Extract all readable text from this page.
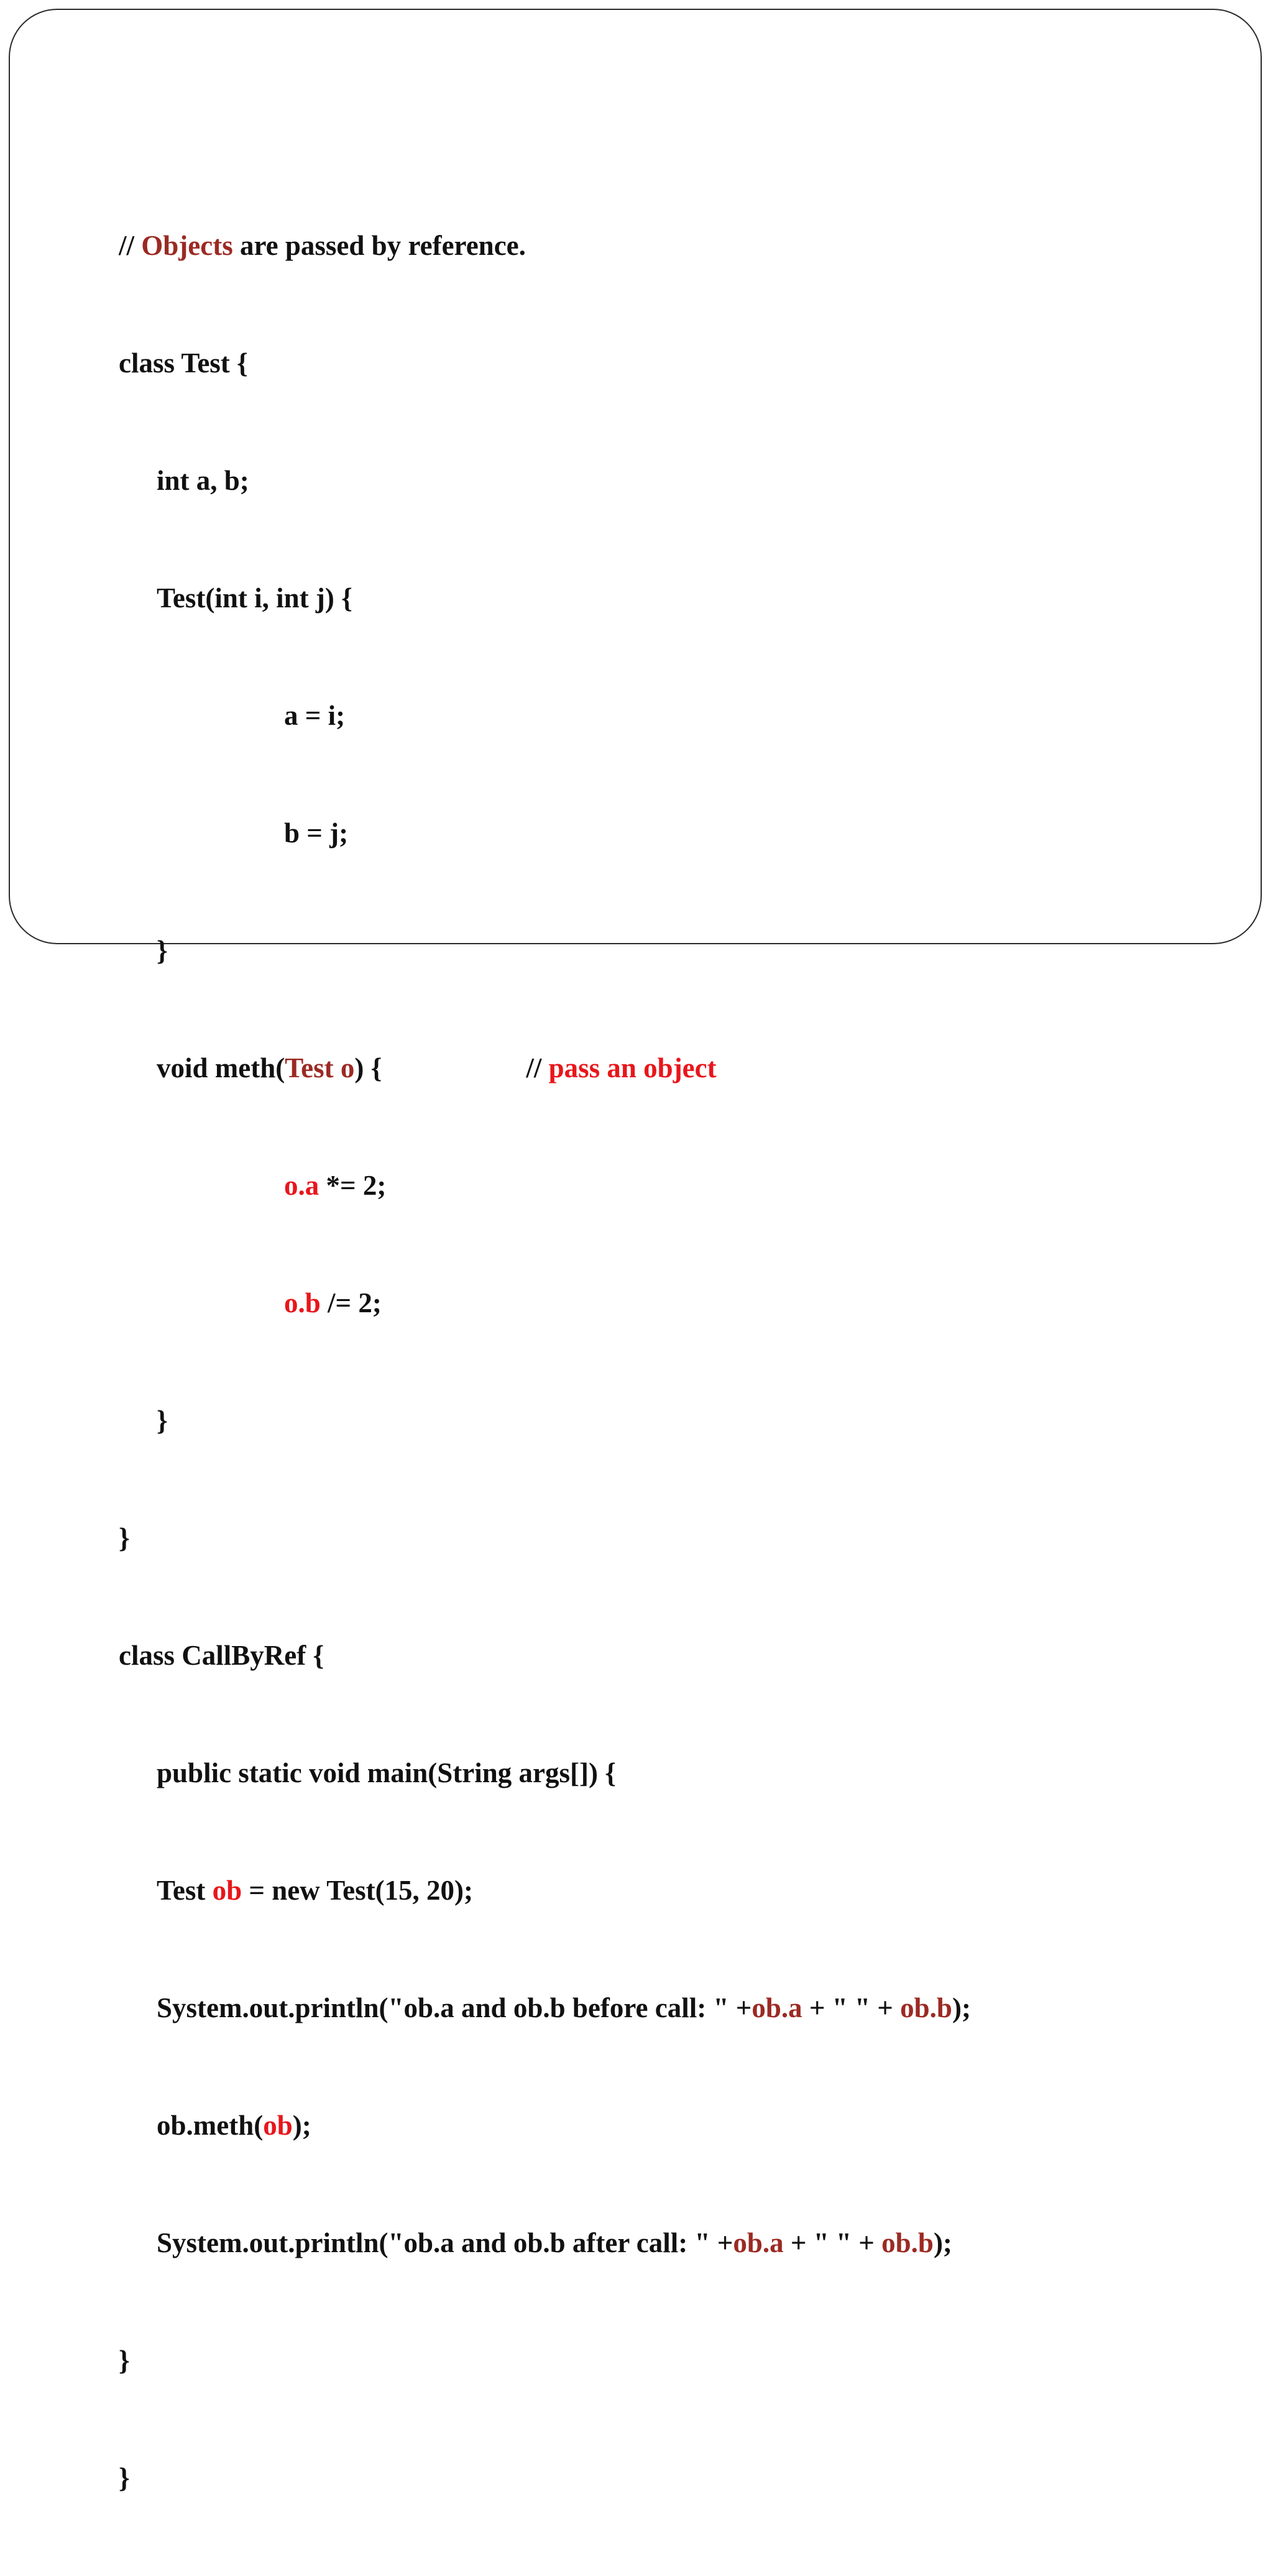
// Objects are passed by reference.

class Test {

int a, b;

Test(int i, int j) {

a = i;

b = j;

}

void meth(Test o) {	// pass an object

o.a *= 2;

o.b /= 2;

}

}

class CallByRef {

public static void main(String args[]) {

Test ob = new Test(15, 20);

System.out.println("ob.a and ob.b before call: " +ob.a + " " + ob.b);

ob.meth(ob);

System.out.println("ob.a and ob.b after call: " +ob.a + " " + ob.b);

}

}
